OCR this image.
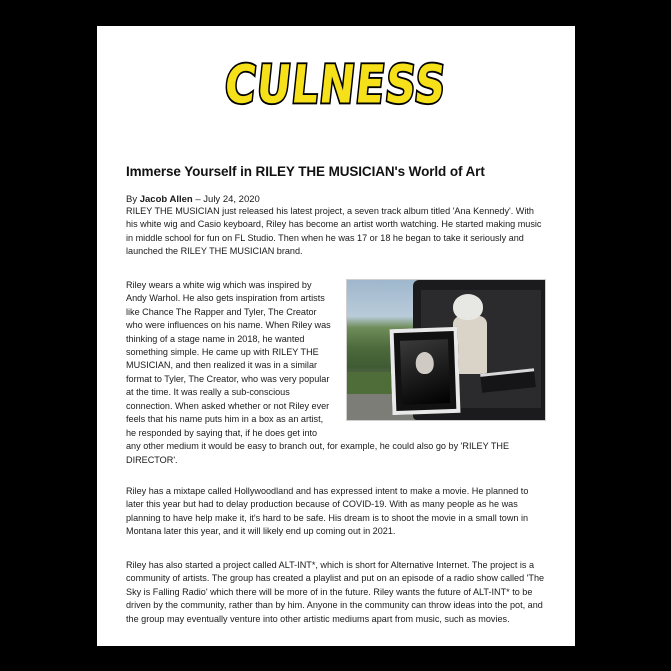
CULNESS
Immerse Yourself in RILEY THE MUSICIAN's World of Art
By Jacob Allen – July 24, 2020

RILEY THE MUSICIAN just released his latest project, a seven track album titled 'Ana Kennedy'. With his white wig and Casio keyboard, Riley has become an artist worth watching. He started making music in middle school for fun on FL Studio. Then when he was 17 or 18 he began to take it seriously and launched the RILEY THE MUSICIAN brand.

Riley wears a white wig which was inspired by Andy Warhol. He also gets inspiration from artists like Chance The Rapper and Tyler, The Creator who were influences on his name. When Riley was thinking of a stage name in 2018, he wanted something simple. He came up with RILEY THE MUSICIAN, and then realized it was in a similar format to Tyler, The Creator, who was very popular at the time. It was really a sub-conscious connection. When asked whether or not Riley ever feels that his name puts him in a box as an artist, he responded by saying that, if he does get into any other medium it would be easy to branch out, for example, he could also go by 'RILEY THE DIRECTOR'.

Riley has a mixtape called Hollywoodland and has expressed intent to make a movie. He planned to later this year but had to delay production because of COVID-19. With as many people as he was planning to have help make it, it's hard to be safe. His dream is to shoot the movie in a small town in Montana later this year, and it will likely end up coming out in 2021.

Riley has also started a project called ALT-INT*, which is short for Alternative Internet. The project is a community of artists. The group has created a playlist and put on an episode of a radio show called 'The Sky is Falling Radio' which there will be more of in the future. Riley wants the future of ALT-INT* to be driven by the community, rather than by him. Anyone in the community can throw ideas into the pot, and the group may eventually venture into other artistic mediums apart from music, such as movies.
